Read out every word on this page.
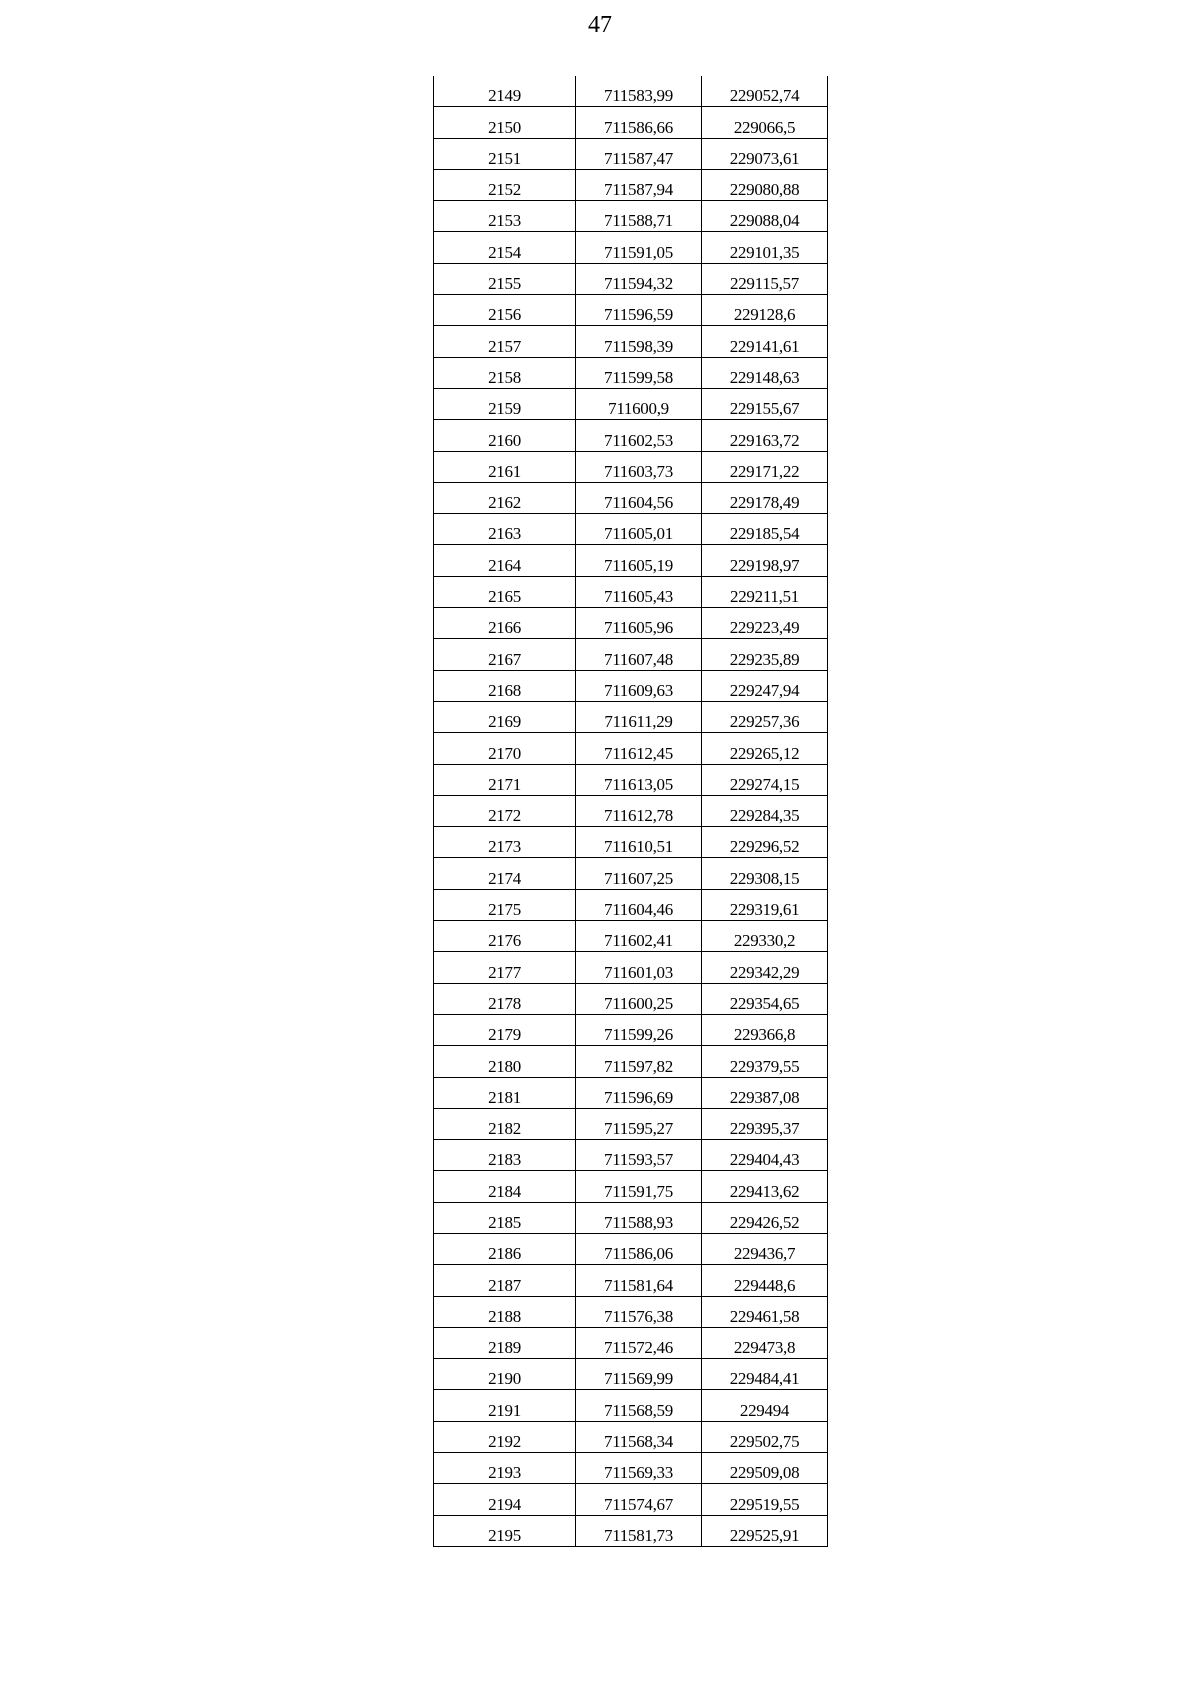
47
2149	711583,99	229052,74
2150	711586,66	229066,5
2151	711587,47	229073,61
2152	711587,94	229080,88
2153	711588,71	229088,04
2154	711591,05	229101,35
2155	711594,32	229115,57
2156	711596,59	229128,6
2157	711598,39	229141,61
2158	711599,58	229148,63
2159	711600,9	229155,67
2160	711602,53	229163,72
2161	711603,73	229171,22
2162	711604,56	229178,49
2163	711605,01	229185,54
2164	711605,19	229198,97
2165	711605,43	229211,51
2166	711605,96	229223,49
2167	711607,48	229235,89
2168	711609,63	229247,94
2169	711611,29	229257,36
2170	711612,45	229265,12
2171	711613,05	229274,15
2172	711612,78	229284,35
2173	711610,51	229296,52
2174	711607,25	229308,15
2175	711604,46	229319,61
2176	711602,41	229330,2
2177	711601,03	229342,29
2178	711600,25	229354,65
2179	711599,26	229366,8
2180	711597,82	229379,55
2181	711596,69	229387,08
2182	711595,27	229395,37
2183	711593,57	229404,43
2184	711591,75	229413,62
2185	711588,93	229426,52
2186	711586,06	229436,7
2187	711581,64	229448,6
2188	711576,38	229461,58
2189	711572,46	229473,8
2190	711569,99	229484,41
2191	711568,59	229494
2192	711568,34	229502,75
2193	711569,33	229509,08
2194	711574,67	229519,55
2195	711581,73	229525,91
